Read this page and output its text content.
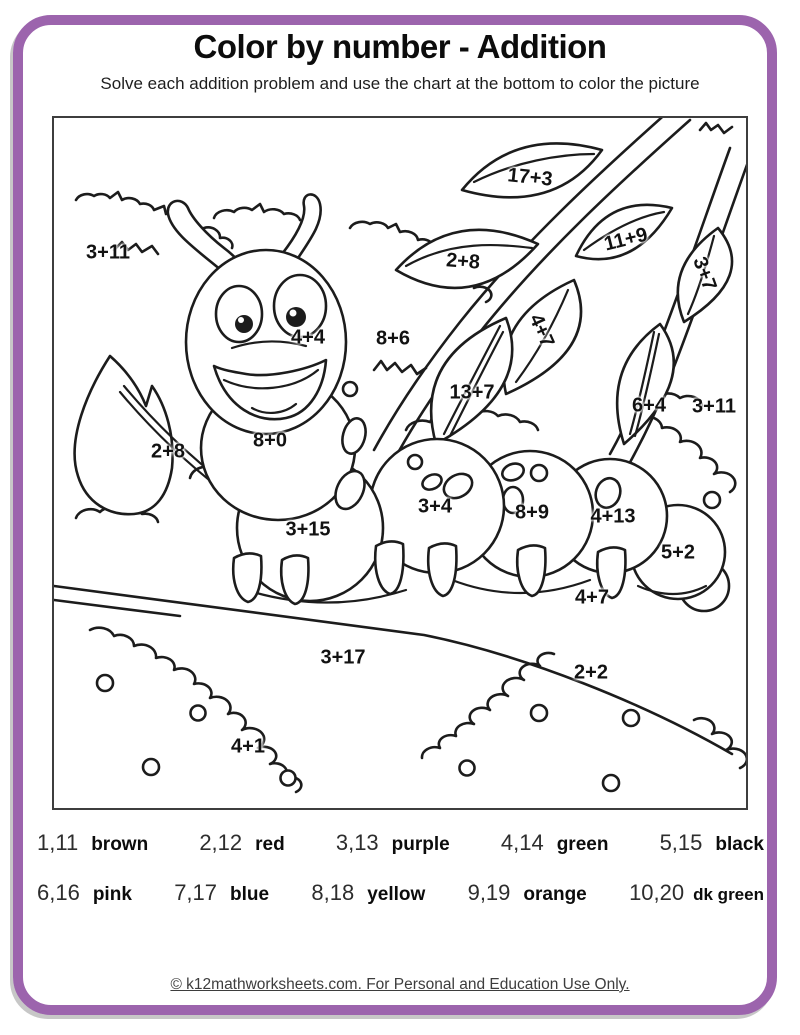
Color by number - Addition
Solve each addition problem and use the chart at the bottom to color the picture
3+11
17+3
2+8
11+9
3+7
4+4	8+6	4+7
13+7
6+4 3+11
2+8	8+0
3+15
3+4	8+9 4+13
5+2
4+7
3+17
2+2
4+1
1,11 brown 2,12 red 3,13 purple 4,14 green 5,15 black
6,16 pink 7,17 blue 8,18 yellow 9,19 orange 10,20 dk green
© k12mathworksheets.com. For Personal and Education Use Only.
